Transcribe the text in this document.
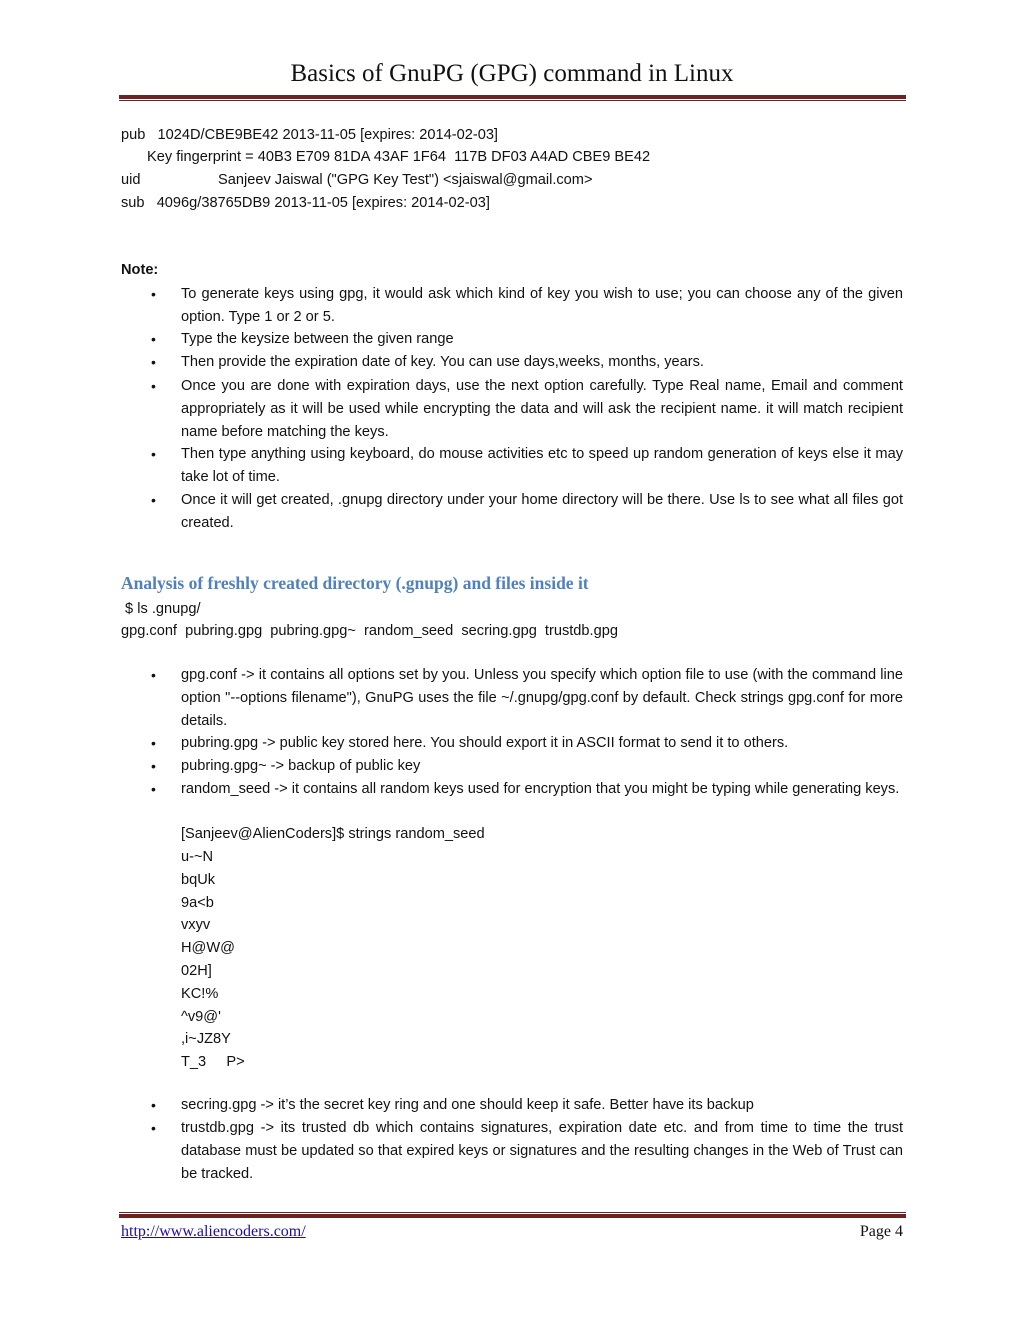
Basics of GnuPG (GPG) command in Linux
pub   1024D/CBE9BE42 2013-11-05 [expires: 2014-02-03]
Key fingerprint = 40B3 E709 81DA 43AF 1F64  117B DF03 A4AD CBE9 BE42
uid	Sanjeev Jaiswal ("GPG Key Test") <sjaiswal@gmail.com>
sub   4096g/38765DB9 2013-11-05 [expires: 2014-02-03]
Note:
• To generate keys using gpg, it would ask which kind of key you wish to use; you can choose any of the given option. Type 1 or 2 or 5.
• Type the keysize between the given range
• Then provide the expiration date of key. You can use days,weeks, months, years.
• Once you are done with expiration days, use the next option carefully. Type Real name, Email and comment appropriately as it will be used while encrypting the data and will ask the recipient name. it will match recipient name before matching the keys.
• Then type anything using keyboard, do mouse activities etc to speed up random generation of keys else it may take lot of time.
• Once it will get created, .gnupg directory under your home directory will be there. Use ls to see what all files got created.
Analysis of freshly created directory (.gnupg) and files inside it
$ ls .gnupg/
gpg.conf  pubring.gpg  pubring.gpg~  random_seed  secring.gpg  trustdb.gpg
• gpg.conf -> it contains all options set by you. Unless you specify which option file to use (with the command line option "--options filename"), GnuPG uses the file ~/.gnupg/gpg.conf by default. Check strings gpg.conf for more details.
• pubring.gpg -> public key stored here. You should export it in ASCII format to send it to others.
• pubring.gpg~ -> backup of public key
• random_seed -> it contains all random keys used for encryption that you might be typing while generating keys.
[Sanjeev@AlienCoders]$ strings random_seed
u-~N
bqUk
9a<b
vxyv
H@W@
02H]
KC!%
^v9@'
,i~JZ8Y
T_3     P>
• secring.gpg -> it’s the secret key ring and one should keep it safe. Better have its backup
• trustdb.gpg -> its trusted db which contains signatures, expiration date etc. and from time to time the trust database must be updated so that expired keys or signatures and the resulting changes in the Web of Trust can be tracked.
http://www.aliencoders.com/	Page 4
